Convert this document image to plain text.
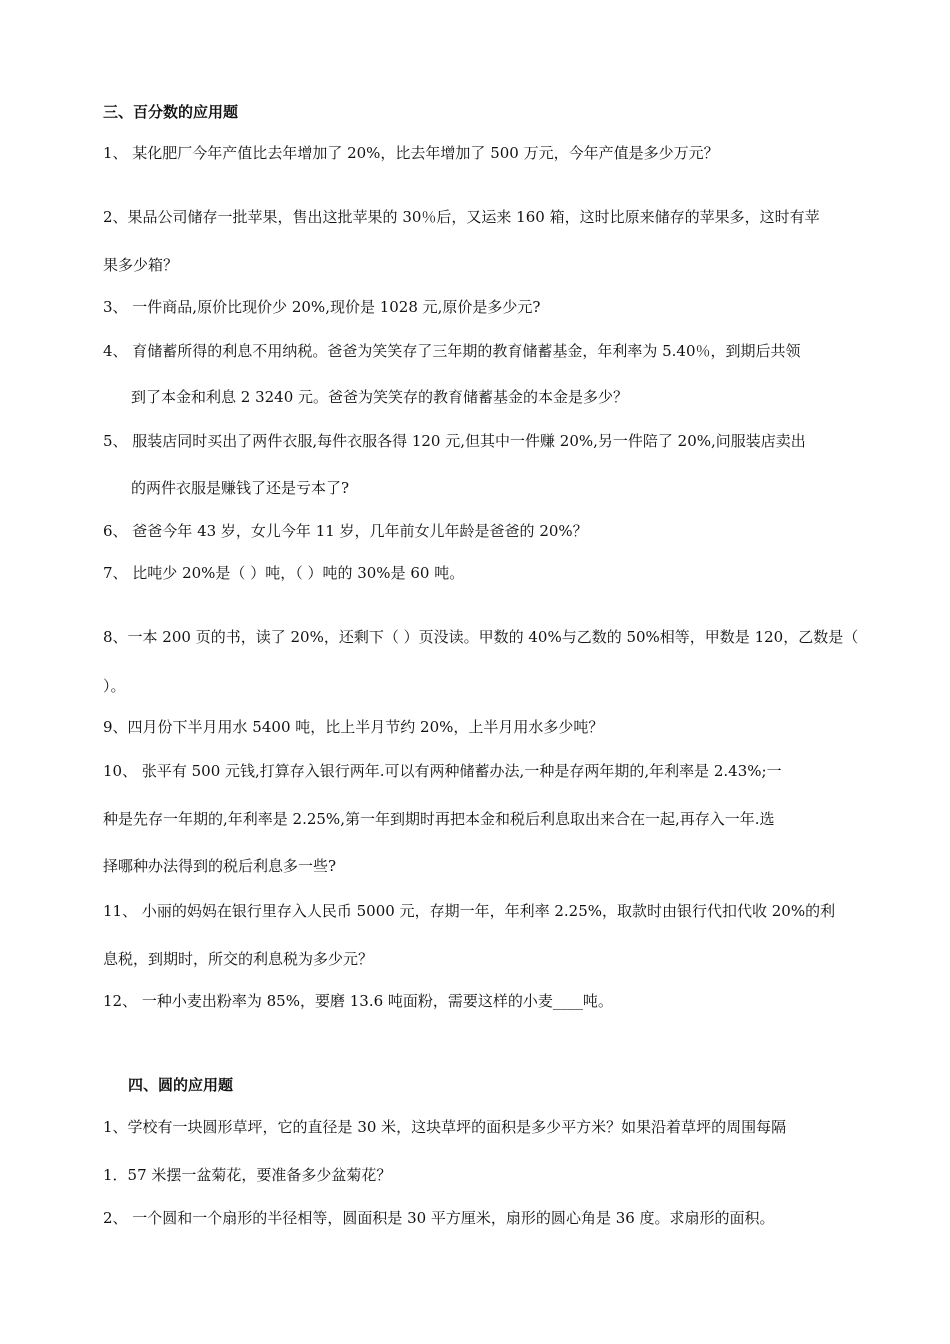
三、百分数的应用题
1、 某化肥厂今年产值比去年增加了 20%，比去年增加了 500 万元，今年产值是多少万元？
2、果品公司储存一批苹果，售出这批苹果的 30％后，又运来 160 箱，这时比原来储存的苹果多，这时有苹
果多少箱？
3、 一件商品,原价比现价少 20%,现价是 1028 元,原价是多少元?
4、 育储蓄所得的利息不用纳税。爸爸为笑笑存了三年期的教育储蓄基金，年利率为 5.40％，到期后共领
到了本金和利息 2 3240 元。爸爸为笑笑存的教育储蓄基金的本金是多少？
5、 服装店同时买出了两件衣服,每件衣服各得 120 元,但其中一件赚 20%,另一件陪了 20%,问服装店卖出
的两件衣服是赚钱了还是亏本了?
6、 爸爸今年 43 岁，女儿今年 11 岁，几年前女儿年龄是爸爸的 20%？
7、 比吨少 20%是（ ）吨，（ ）吨的 30%是 60 吨。
8、一本 200 页的书，读了 20%，还剩下（ ）页没读。甲数的 40%与乙数的 50%相等，甲数是 120，乙数是（
）。
9、四月份下半月用水 5400 吨，比上半月节约 20%，上半月用水多少吨？
10、 张平有 500 元钱,打算存入银行两年.可以有两种储蓄办法,一种是存两年期的,年利率是 2.43%;一
种是先存一年期的,年利率是 2.25%,第一年到期时再把本金和税后利息取出来合在一起,再存入一年.选
择哪种办法得到的税后利息多一些?
11、 小丽的妈妈在银行里存入人民币 5000 元，存期一年，年利率 2.25%，取款时由银行代扣代收 20%的利
息税，到期时，所交的利息税为多少元？
12、 一种小麦出粉率为 85%，要磨 13.6 吨面粉，需要这样的小麦____吨。
四、圆的应用题
1、学校有一块圆形草坪，它的直径是 30 米，这块草坪的面积是多少平方米？如果沿着草坪的周围每隔
1．57 米摆一盆菊花，要准备多少盆菊花？
2、 一个圆和一个扇形的半径相等，圆面积是 30 平方厘米，扇形的圆心角是 36 度。求扇形的面积。
